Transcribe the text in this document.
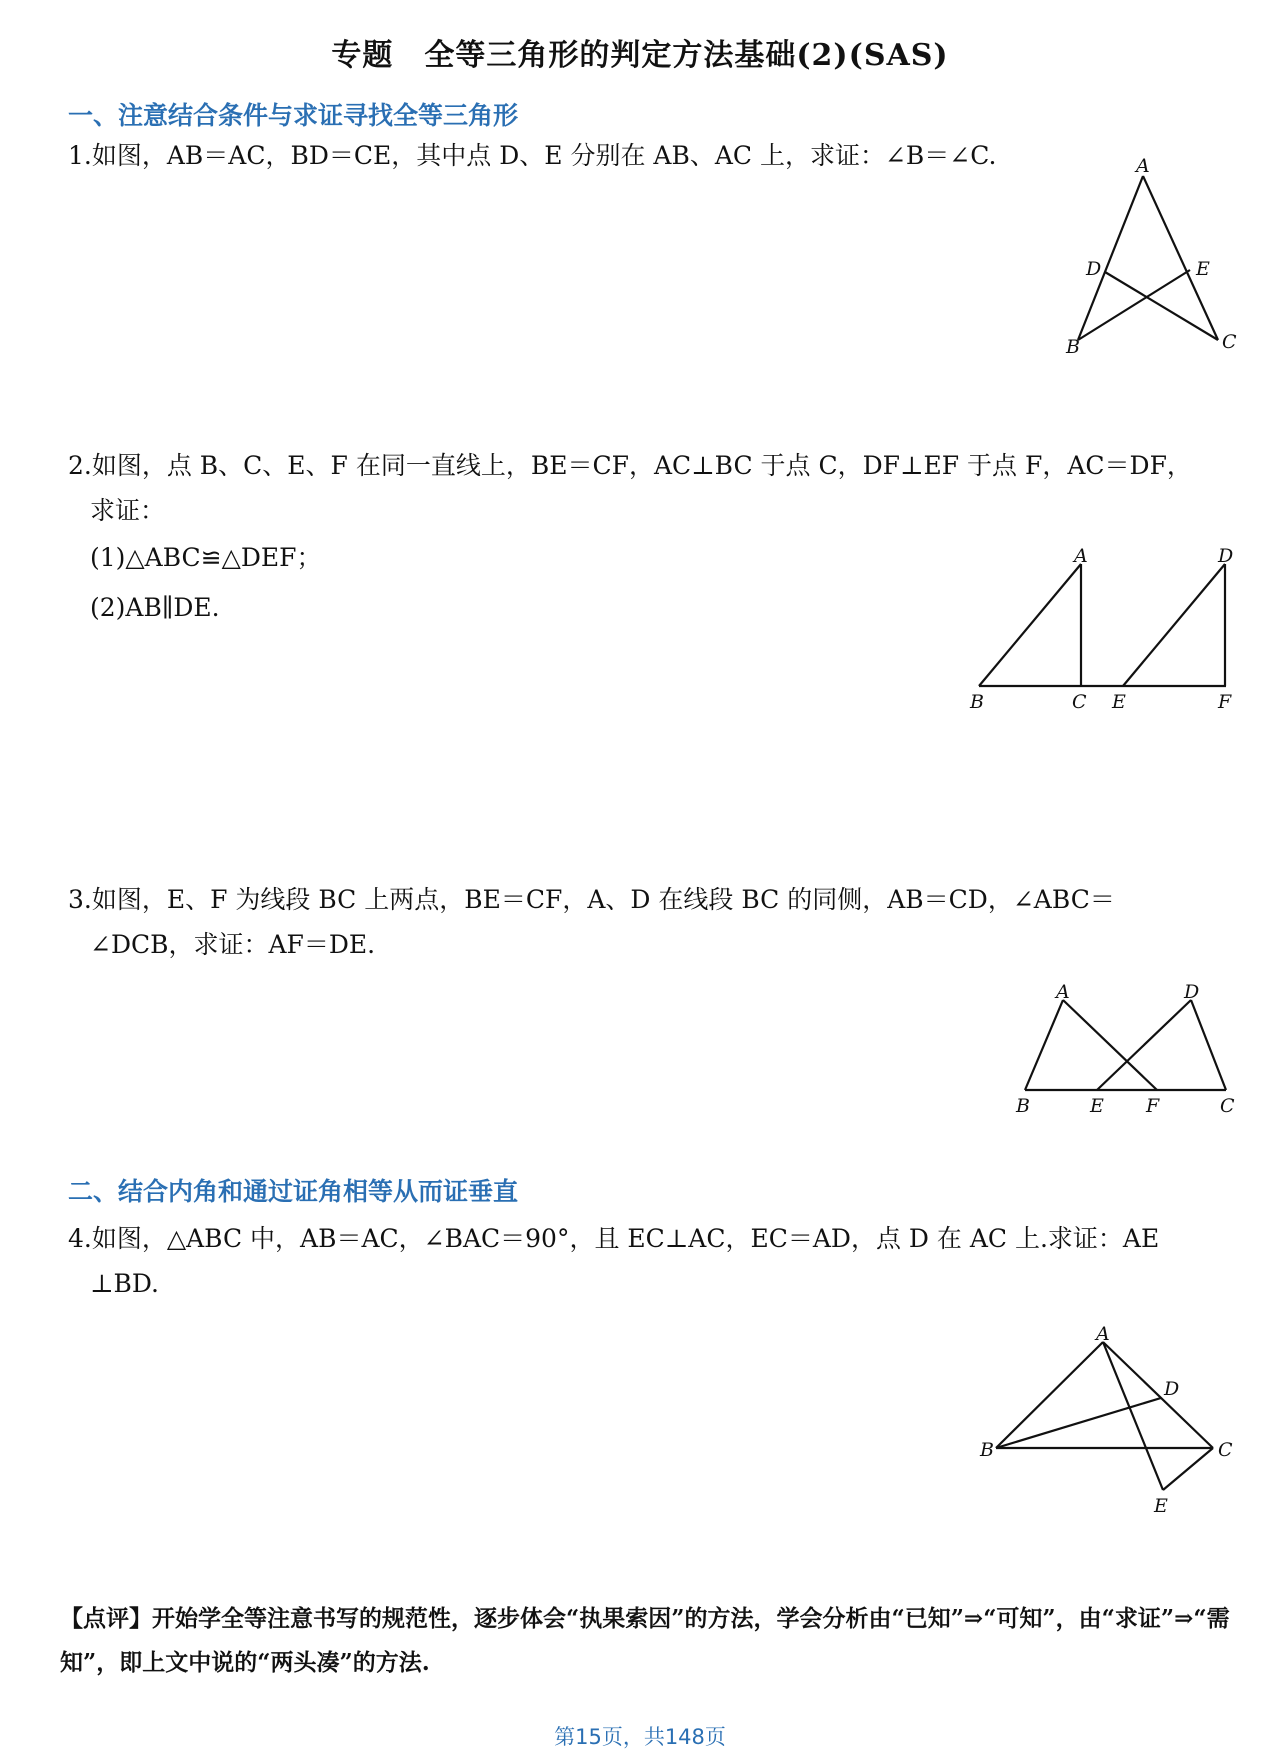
专题　全等三角形的判定方法基础(2)(SAS)
一、注意结合条件与求证寻找全等三角形
1.如图，AB＝AC，BD＝CE，其中点 D、E 分别在 AB、AC 上，求证：∠B＝∠C.	A
B	C
D	E
2.如图，点 B、C、E、F 在同一直线上，BE＝CF，AC⊥BC 于点 C，DF⊥EF 于点 F，AC＝DF，
求证：
(1)△ABC≌△DEF；
(2)AB∥DE.
A
B	C
D
E	F
3.如图，E、F 为线段 BC 上两点，BE＝CF，A、D 在线段 BC 的同侧，AB＝CD，∠ABC＝
∠DCB，求证：AF＝DE.
A
B	C
D
E F
二、结合内角和通过证角相等从而证垂直
4.如图，△ABC 中，AB＝AC，∠BAC＝90°，且 EC⊥AC，EC＝AD，点 D 在 AC 上.求证：AE
⊥BD.
A
B	C
D
E
【点评】开始学全等注意书写的规范性，逐步体会“执果索因”的方法，学会分析由“已知”⇒“可知”，由“求证”⇒“需知”，即上文中说的“两头凑”的方法.
第15页，共148页
